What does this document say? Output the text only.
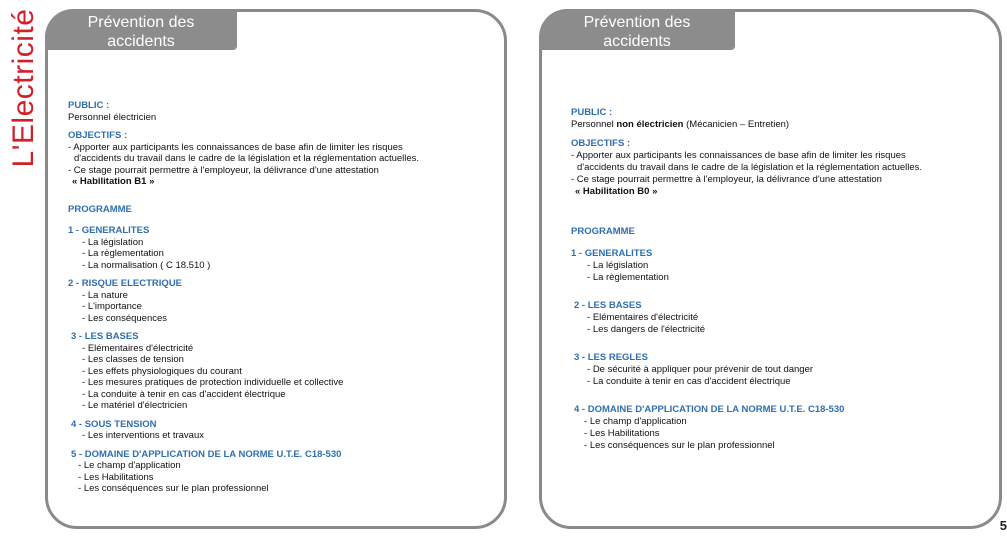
L'Electricité	Prévention des accidents
Personnel électricien
PUBLIC :
Personnel électricien
OBJECTIFS :
- Apporter aux participants les connaissances de base afin de limiter les risques
d'accidents du travail dans le cadre de la législation et la réglementation actuelles.
- Ce stage pourrait permettre à l'employeur, la délivrance d'une attestation
« Habilitation B1 »
PROGRAMME
1 - GENERALITES
- La législation
- La règlementation
- La normalisation ( C 18.510 )
2 - RISQUE ELECTRIQUE
- La nature
- L'importance
- Les conséquences
3 - LES BASES
- Elémentaires d'électricité
- Les classes de tension
- Les effets physiologiques du courant
- Les mesures pratiques de protection individuelle et collective
- La conduite à tenir en cas d'accident électrique
- Le matériel d'électricien
4 - SOUS TENSION
- Les interventions et travaux
5 - DOMAINE D'APPLICATION DE LA NORME U.T.E. C18-530
- Le champ d'application
- Les Habilitations
- Les conséquences sur le plan professionnel
Prévention des accidents
Personnel non électricien
PUBLIC :
Personnel non électricien (Mécanicien – Entretien)
OBJECTIFS :
- Apporter aux participants les connaissances de base afin de limiter les risques
d'accidents du travail dans le cadre de la législation et la réglementation actuelles.
- Ce stage pourrait permettre à l'employeur, la délivrance d'une attestation
« Habilitation B0 »
PROGRAMME
1 - GENERALITES
- La législation
- La règlementation
2 - LES BASES
- Elémentaires d'électricité
- Les dangers de l'électricité
3 - LES REGLES
- De sécurité à appliquer pour prévenir de tout danger
- La conduite à tenir en cas d'accident électrique
4 - DOMAINE D'APPLICATION DE LA NORME U.T.E. C18-530
- Le champ d'application
- Les Habilitations
- Les conséquences sur le plan professionnel
5
